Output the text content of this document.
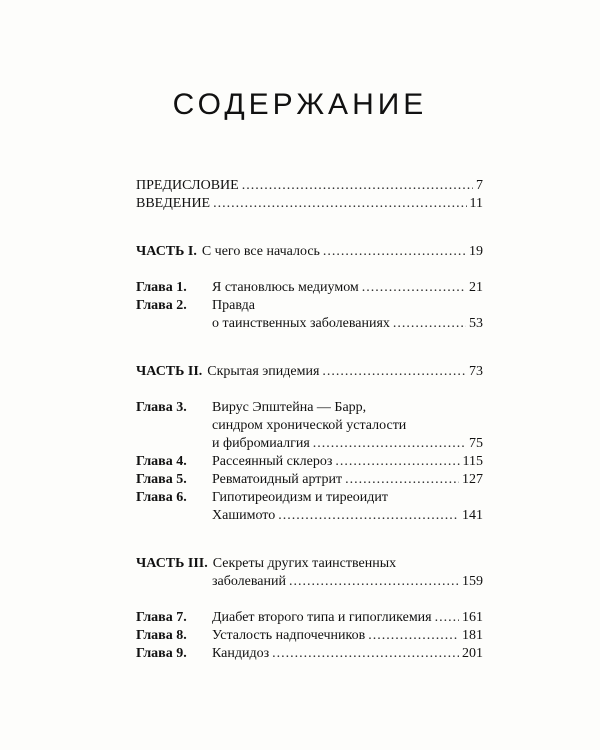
СОДЕРЖАНИЕ
ПРЕДИСЛОВИЕ .....	7
ВВЕДЕНИЕ .....	11
ЧАСТЬ I. С чего все началось .....	19
Глава 1.	Я становлюсь медиумом .....	21
Глава 2.	Правда
о таинственных заболеваниях .....	53
ЧАСТЬ II. Скрытая эпидемия .....	73
Глава 3.	Вирус Эпштейна — Барр,
синдром хронической усталости
и фибромиалгия .....	75
Глава 4.	Рассеянный склероз .....	115
Глава 5.	Ревматоидный артрит .....	127
Глава 6.	Гипотиреоидизм и тиреоидит
Хашимото .....	141
ЧАСТЬ III. Секреты других таинственных
заболеваний .....	159
Глава 7.	Диабет второго типа и гипогликемия ..... 161
Глава 8.	Усталость надпочечников .....	181
Глава 9.	Кандидоз .....	201
